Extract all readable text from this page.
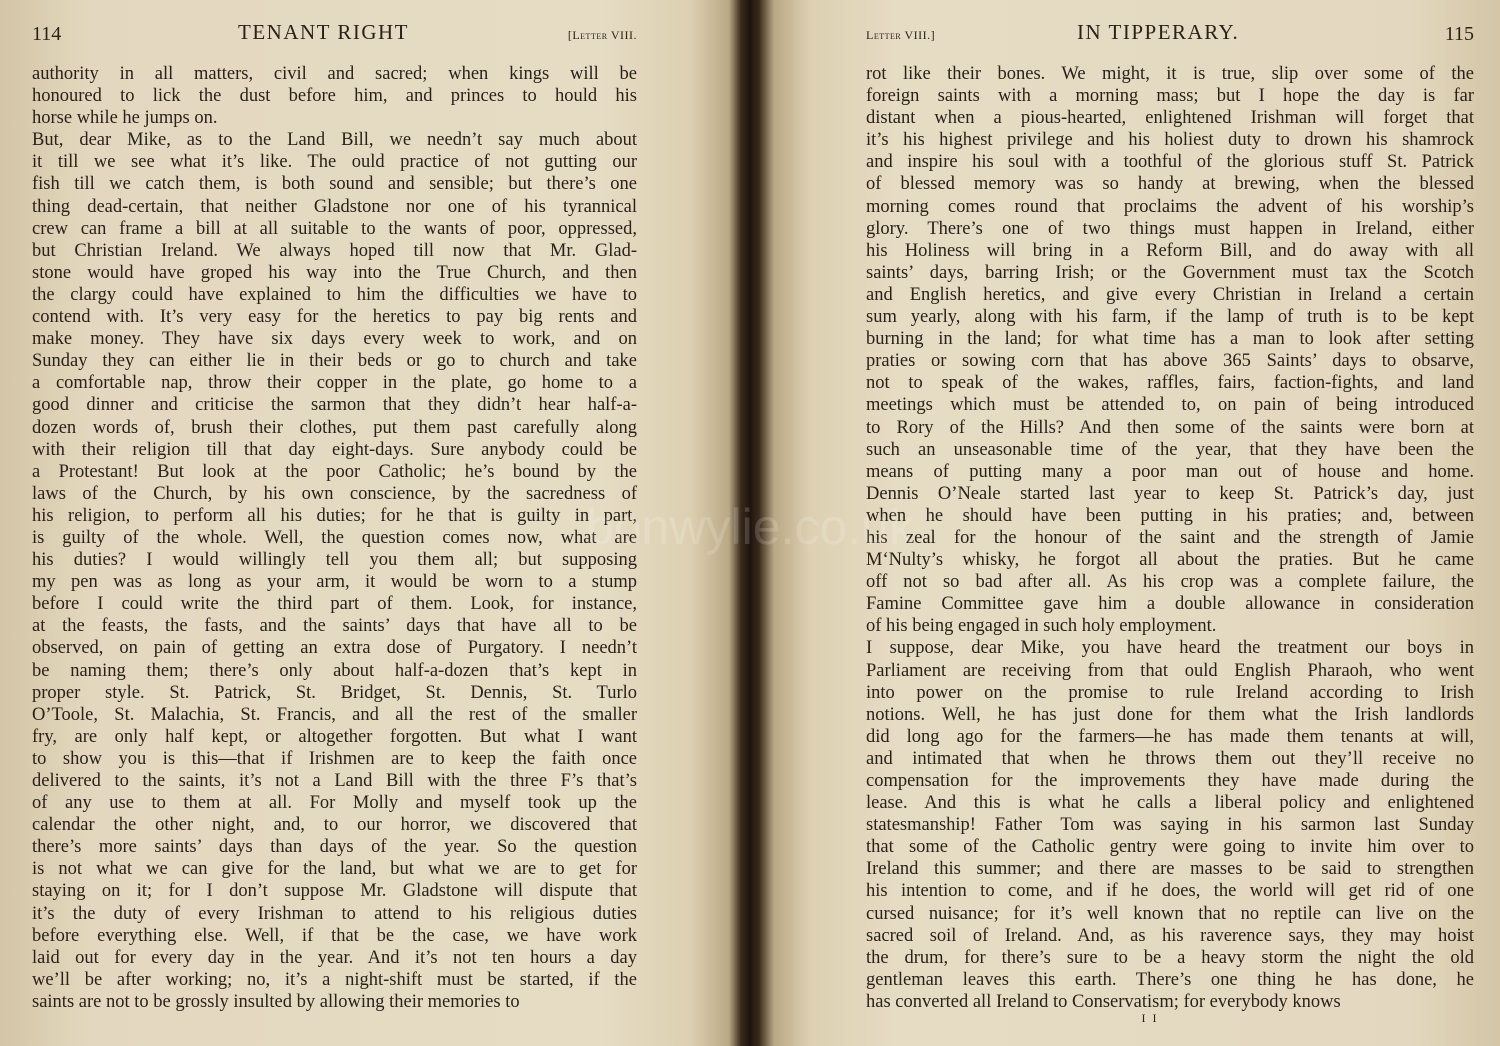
114	TENANT RIGHT	[Letter VIII.
authority in all matters, civil and sacred; when kings will be
honoured to lick the dust before him, and princes to hould his
horse while he jumps on.
But, dear Mike, as to the Land Bill, we needn’t say much about
it till we see what it’s like. The ould practice of not gutting our
fish till we catch them, is both sound and sensible; but there’s one
thing dead-certain, that neither Gladstone nor one of his tyrannical
crew can frame a bill at all suitable to the wants of poor, oppressed,
but Christian Ireland. We always hoped till now that Mr. Glad-
stone would have groped his way into the True Church, and then
the clargy could have explained to him the difficulties we have to
contend with. It’s very easy for the heretics to pay big rents and
make money. They have six days every week to work, and on
Sunday they can either lie in their beds or go to church and take
a comfortable nap, throw their copper in the plate, go home to a
good dinner and criticise the sarmon that they didn’t hear half-a-
dozen words of, brush their clothes, put them past carefully along
with their religion till that day eight-days. Sure anybody could be
a Protestant! But look at the poor Catholic; he’s bound by the
laws of the Church, by his own conscience, by the sacredness of
his religion, to perform all his duties; for he that is guilty in part,
is guilty of the whole. Well, the question comes now, what are
his duties? I would willingly tell you them all; but supposing
my pen was as long as your arm, it would be worn to a stump
before I could write the third part of them. Look, for instance,
at the feasts, the fasts, and the saints’ days that have all to be
observed, on pain of getting an extra dose of Purgatory. I needn’t
be naming them; there’s only about half-a-dozen that’s kept in
proper style. St. Patrick, St. Bridget, St. Dennis, St. Turlo
O’Toole, St. Malachia, St. Francis, and all the rest of the smaller
fry, are only half kept, or altogether forgotten. But what I want
to show you is this—that if Irishmen are to keep the faith once
delivered to the saints, it’s not a Land Bill with the three F’s that’s
of any use to them at all. For Molly and myself took up the
calendar the other night, and, to our horror, we discovered that
there’s more saints’ days than days of the year. So the question
is not what we can give for the land, but what we are to get for
staying on it; for I don’t suppose Mr. Gladstone will dispute that
it’s the duty of every Irishman to attend to his religious duties
before everything else. Well, if that be the case, we have work
laid out for every day in the year. And it’s not ten hours a day
we’ll be after working; no, it’s a night-shift must be started, if the
saints are not to be grossly insulted by allowing their memories to
Letter VIII.]	IN TIPPERARY.	115
rot like their bones. We might, it is true, slip over some of the
foreign saints with a morning mass; but I hope the day is far
distant when a pious-hearted, enlightened Irishman will forget that
it’s his highest privilege and his holiest duty to drown his shamrock
and inspire his soul with a toothful of the glorious stuff St. Patrick
of blessed memory was so handy at brewing, when the blessed
morning comes round that proclaims the advent of his worship’s
glory. There’s one of two things must happen in Ireland, either
his Holiness will bring in a Reform Bill, and do away with all
saints’ days, barring Irish; or the Government must tax the Scotch
and English heretics, and give every Christian in Ireland a certain
sum yearly, along with his farm, if the lamp of truth is to be kept
burning in the land; for what time has a man to look after setting
praties or sowing corn that has above 365 Saints’ days to obsarve,
not to speak of the wakes, raffles, fairs, faction-fights, and land
meetings which must be attended to, on pain of being introduced
to Rory of the Hills? And then some of the saints were born at
such an unseasonable time of the year, that they have been the
means of putting many a poor man out of house and home.
Dennis O’Neale started last year to keep St. Patrick’s day, just
when he should have been putting in his praties; and, between
his zeal for the honour of the saint and the strength of Jamie
M‘Nulty’s whisky, he forgot all about the praties. But he came
off not so bad after all. As his crop was a complete failure, the
Famine Committee gave him a double allowance in consideration
of his being engaged in such holy employment.
I suppose, dear Mike, you have heard the treatment our boys in
Parliament are receiving from that ould English Pharaoh, who went
into power on the promise to rule Ireland according to Irish
notions. Well, he has just done for them what the Irish landlords
did long ago for the farmers—he has made them tenants at will,
and intimated that when he throws them out they’ll receive no
compensation for the improvements they have made during the
lease. And this is what he calls a liberal policy and enlightened
statesmanship! Father Tom was saying in his sarmon last Sunday
that some of the Catholic gentry were going to invite him over to
Ireland this summer; and there are masses to be said to strengthen
his intention to come, and if he does, the world will get rid of one
cursed nuisance; for it’s well known that no reptile can live on the
sacred soil of Ireland. And, as his raverence says, they may hoist
the drum, for there’s sure to be a heavy storm the night the old
gentleman leaves this earth. There’s one thing he has done, he
has converted all Ireland to Conservatism; for everybody knows
I I
bonwylie.co.uk
